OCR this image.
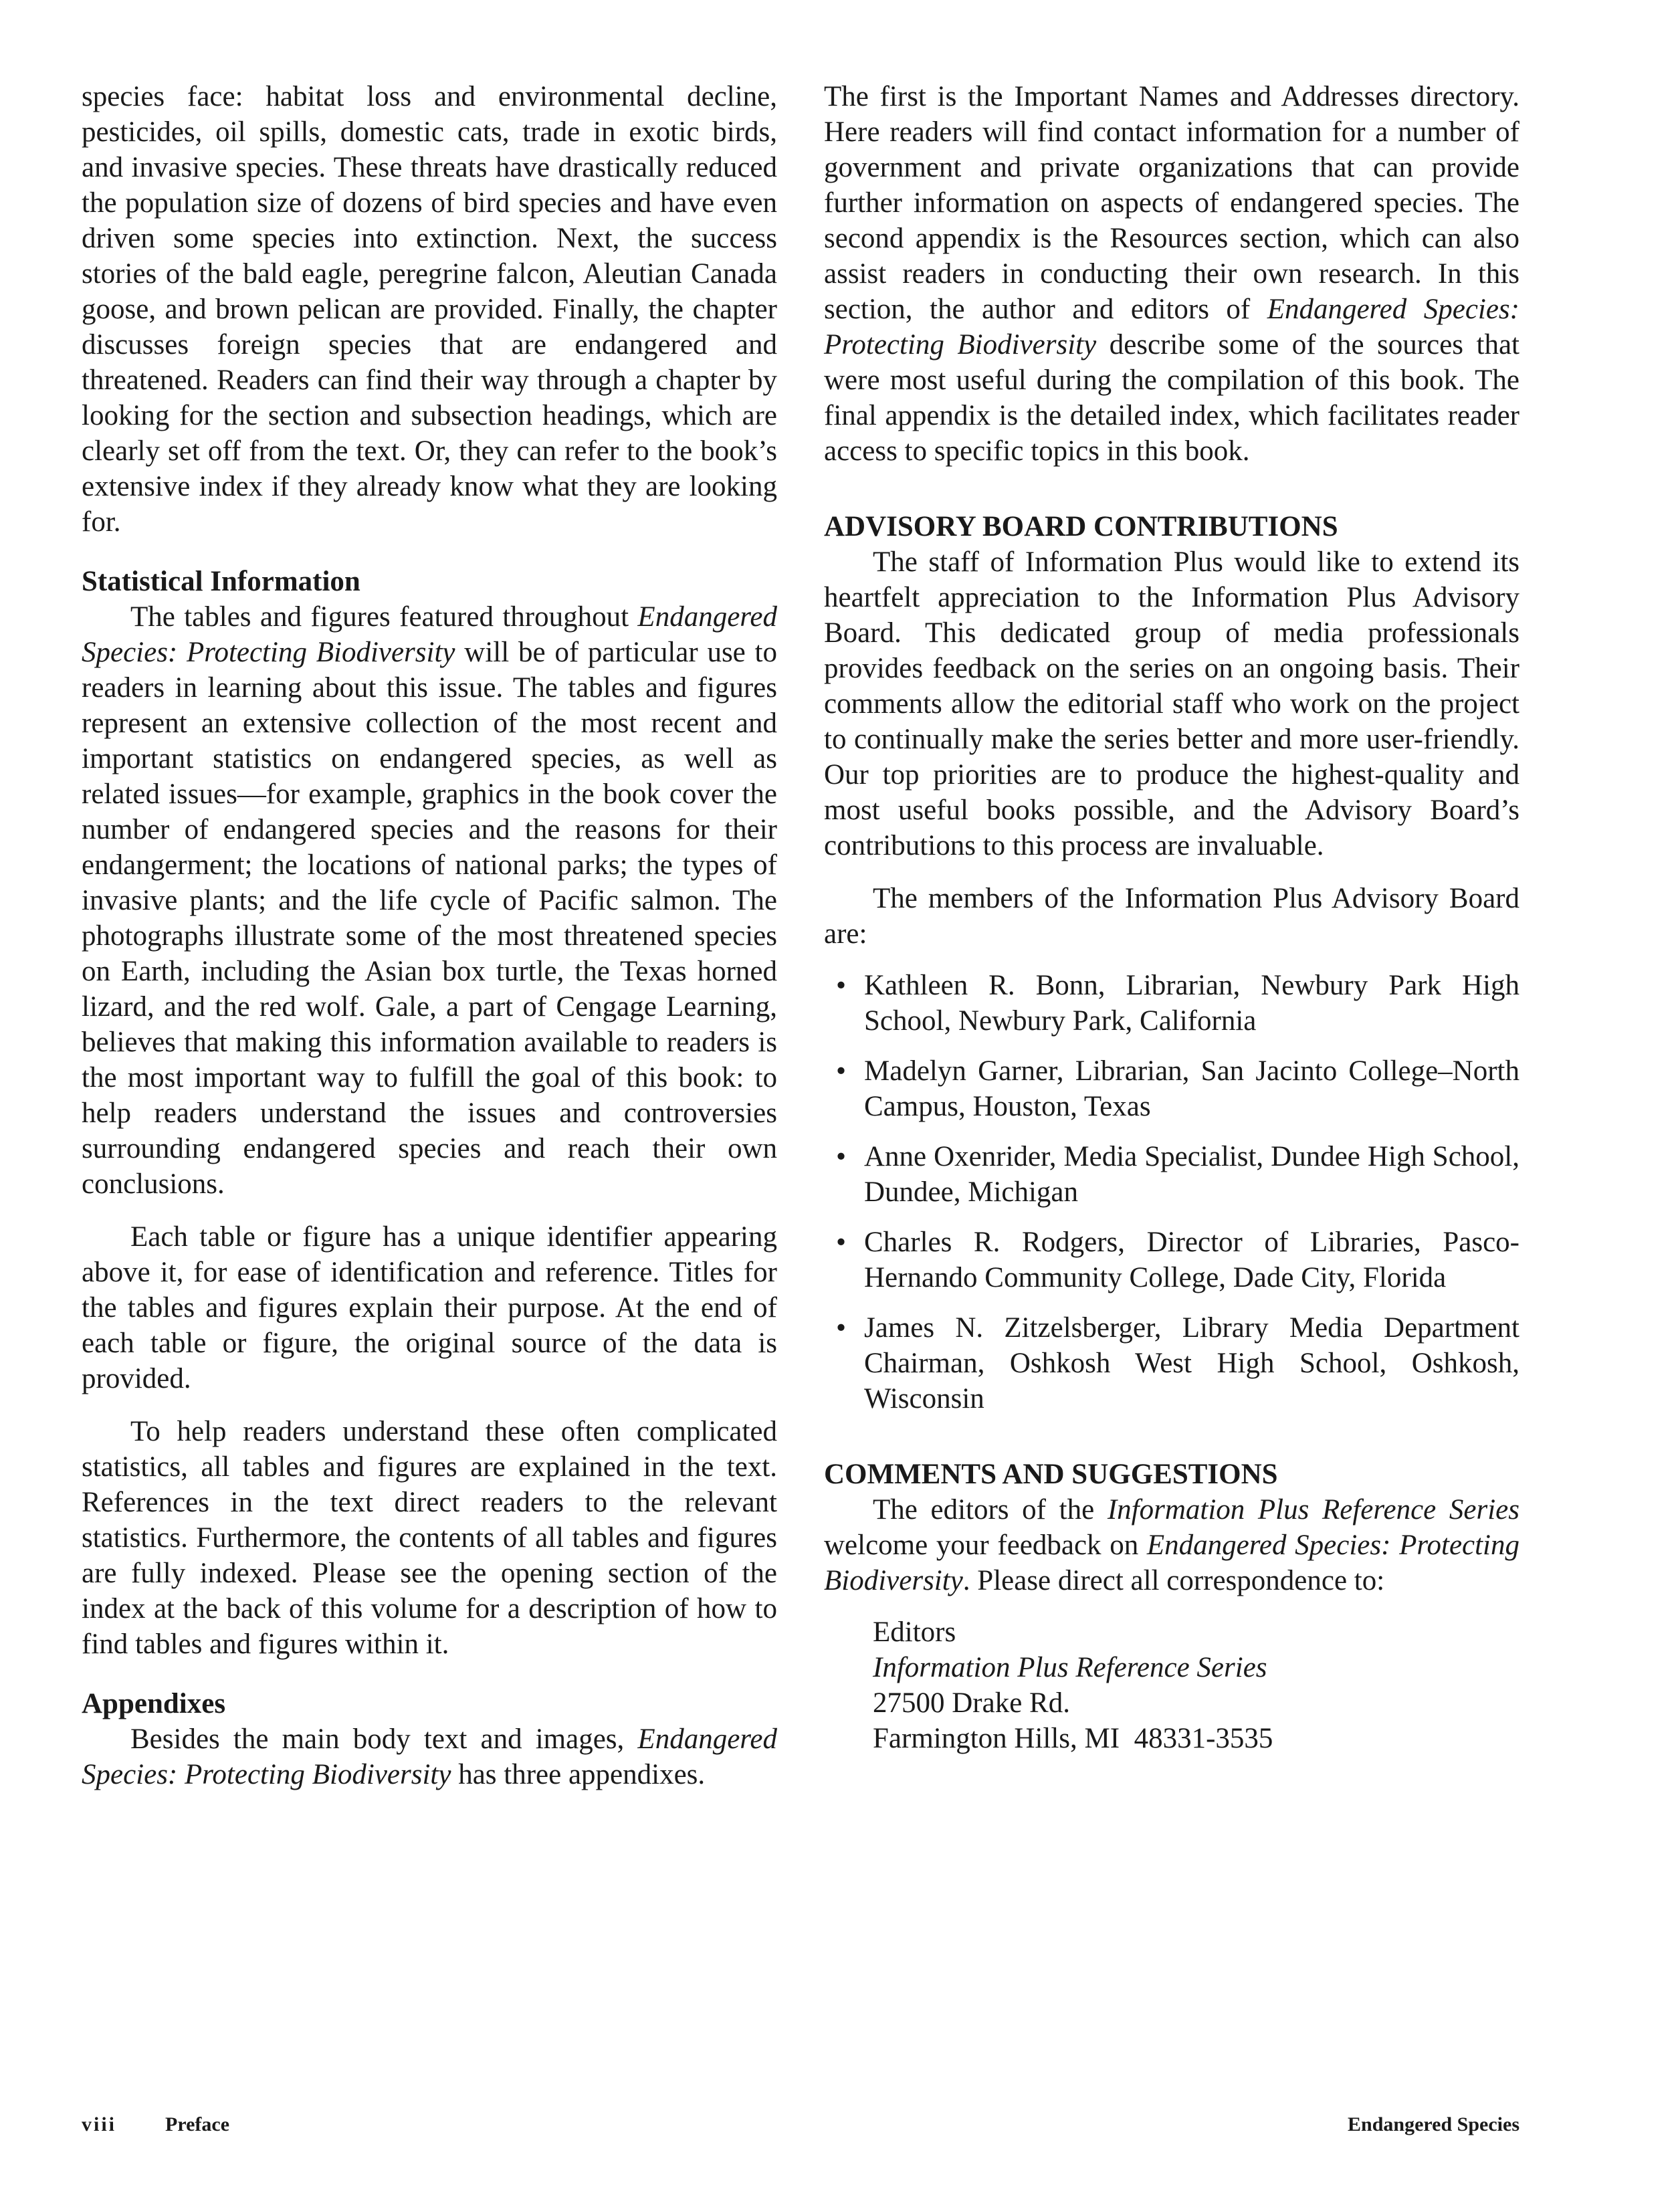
species face: habitat loss and environmental decline, pesticides, oil spills, domestic cats, trade in exotic birds, and invasive species. These threats have drastically reduced the population size of dozens of bird species and have even driven some species into extinction. Next, the success stories of the bald eagle, peregrine falcon, Aleutian Canada goose, and brown pelican are provided. Finally, the chapter discusses foreign species that are endangered and threatened. Readers can find their way through a chapter by looking for the section and subsection headings, which are clearly set off from the text. Or, they can refer to the book’s extensive index if they already know what they are looking for.

Statistical Information

The tables and figures featured throughout Endangered Species: Protecting Biodiversity will be of particular use to readers in learning about this issue. The tables and figures represent an extensive collection of the most recent and important statistics on endangered species, as well as related issues—for example, graphics in the book cover the number of endangered species and the reasons for their endangerment; the locations of national parks; the types of invasive plants; and the life cycle of Pacific salmon. The photographs illustrate some of the most threatened species on Earth, including the Asian box turtle, the Texas horned lizard, and the red wolf. Gale, a part of Cengage Learning, believes that making this information available to readers is the most important way to fulfill the goal of this book: to help readers understand the issues and controversies surrounding endangered species and reach their own conclusions.

Each table or figure has a unique identifier appearing above it, for ease of identification and reference. Titles for the tables and figures explain their purpose. At the end of each table or figure, the original source of the data is provided.

To help readers understand these often complicated statistics, all tables and figures are explained in the text. References in the text direct readers to the relevant statistics. Furthermore, the contents of all tables and figures are fully indexed. Please see the opening section of the index at the back of this volume for a description of how to find tables and figures within it.

Appendixes

Besides the main body text and images, Endangered Species: Protecting Biodiversity has three appendixes.

The first is the Important Names and Addresses directory. Here readers will find contact information for a number of government and private organizations that can provide further information on aspects of endangered species. The second appendix is the Resources section, which can also assist readers in conducting their own research. In this section, the author and editors of Endangered Species: Protecting Biodiversity describe some of the sources that were most useful during the compilation of this book. The final appendix is the detailed index, which facilitates reader access to specific topics in this book.

ADVISORY BOARD CONTRIBUTIONS

The staff of Information Plus would like to extend its heartfelt appreciation to the Information Plus Advisory Board. This dedicated group of media professionals provides feedback on the series on an ongoing basis. Their comments allow the editorial staff who work on the project to continually make the series better and more user-friendly. Our top priorities are to produce the highest-quality and most useful books possible, and the Advisory Board’s contributions to this process are invaluable.

The members of the Information Plus Advisory Board are:

• Kathleen R. Bonn, Librarian, Newbury Park High School, Newbury Park, California
• Madelyn Garner, Librarian, San Jacinto College–North Campus, Houston, Texas
• Anne Oxenrider, Media Specialist, Dundee High School, Dundee, Michigan
• Charles R. Rodgers, Director of Libraries, Pasco-Hernando Community College, Dade City, Florida
• James N. Zitzelsberger, Library Media Department Chairman, Oshkosh West High School, Oshkosh, Wisconsin
COMMENTS AND SUGGESTIONS

The editors of the Information Plus Reference Series welcome your feedback on Endangered Species: Protecting Biodiversity. Please direct all correspondence to:

Editors
Information Plus Reference Series
27500 Drake Rd.
Farmington Hills, MI  48331-3535
viii Preface	Endangered Species
